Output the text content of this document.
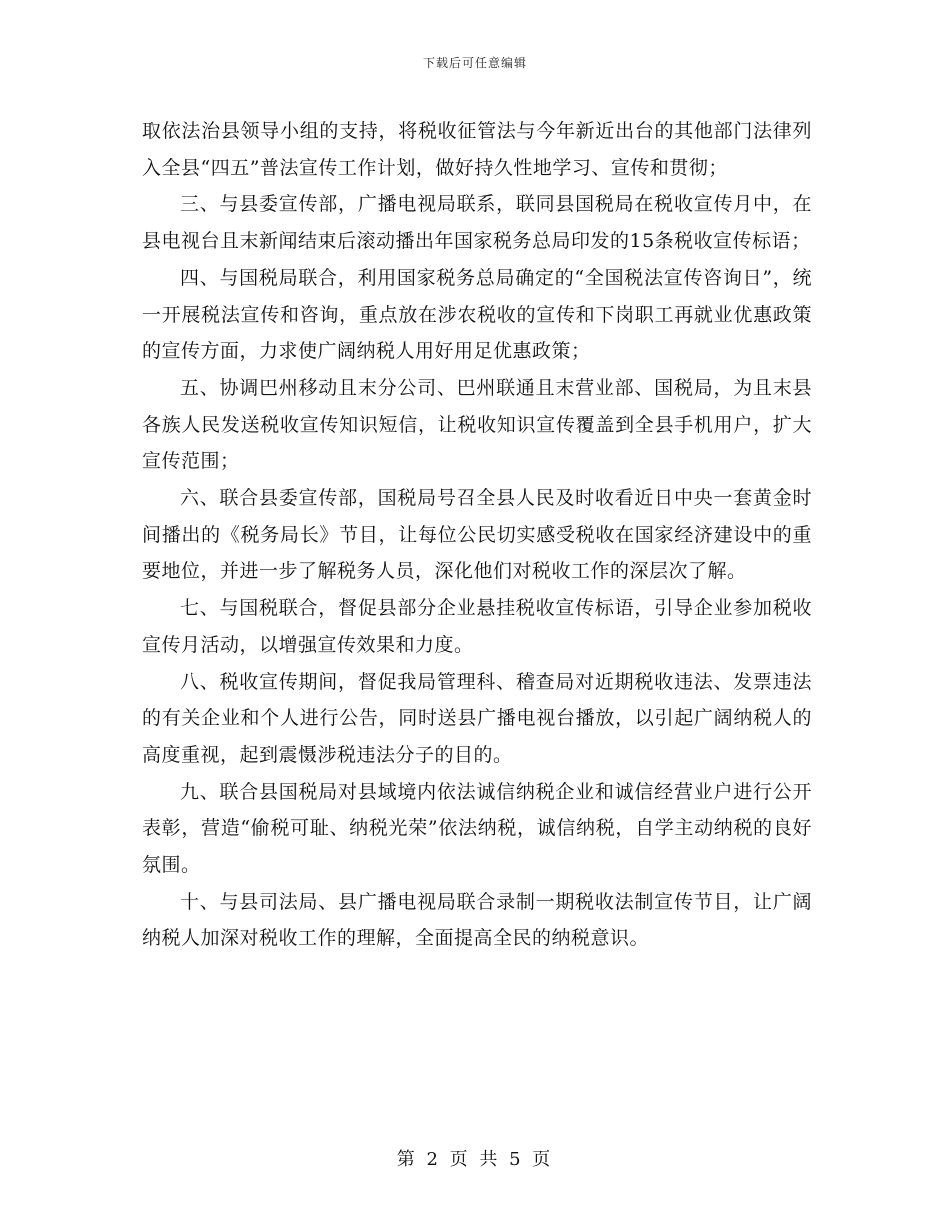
下载后可任意编辑

取依法治县领导小组的支持，将税收征管法与今年新近出台的其他部门法律列入全县“四五”普法宣传工作计划，做好持久性地学习、宣传和贯彻；

三、与县委宣传部，广播电视局联系，联同县国税局在税收宣传月中，在县电视台且末新闻结束后滚动播出年国家税务总局印发的15条税收宣传标语；

四、与国税局联合，利用国家税务总局确定的“全国税法宣传咨询日”，统一开展税法宣传和咨询，重点放在涉农税收的宣传和下岗职工再就业优惠政策的宣传方面，力求使广阔纳税人用好用足优惠政策；

五、协调巴州移动且末分公司、巴州联通且末营业部、国税局，为且末县各族人民发送税收宣传知识短信，让税收知识宣传覆盖到全县手机用户，扩大宣传范围；

六、联合县委宣传部，国税局号召全县人民及时收看近日中央一套黄金时间播出的《税务局长》节目，让每位公民切实感受税收在国家经济建设中的重要地位，并进一步了解税务人员，深化他们对税收工作的深层次了解。

七、与国税联合，督促县部分企业悬挂税收宣传标语，引导企业参加税收宣传月活动，以增强宣传效果和力度。

八、税收宣传期间，督促我局管理科、稽查局对近期税收违法、发票违法的有关企业和个人进行公告，同时送县广播电视台播放，以引起广阔纳税人的高度重视，起到震慑涉税违法分子的目的。

九、联合县国税局对县域境内依法诚信纳税企业和诚信经营业户进行公开表彰，营造“偷税可耻、纳税光荣”依法纳税，诚信纳税，自学主动纳税的良好氛围。

十、与县司法局、县广播电视局联合录制一期税收法制宣传节目，让广阔纳税人加深对税收工作的理解，全面提高全民的纳税意识。

第 2 页 共 5 页
